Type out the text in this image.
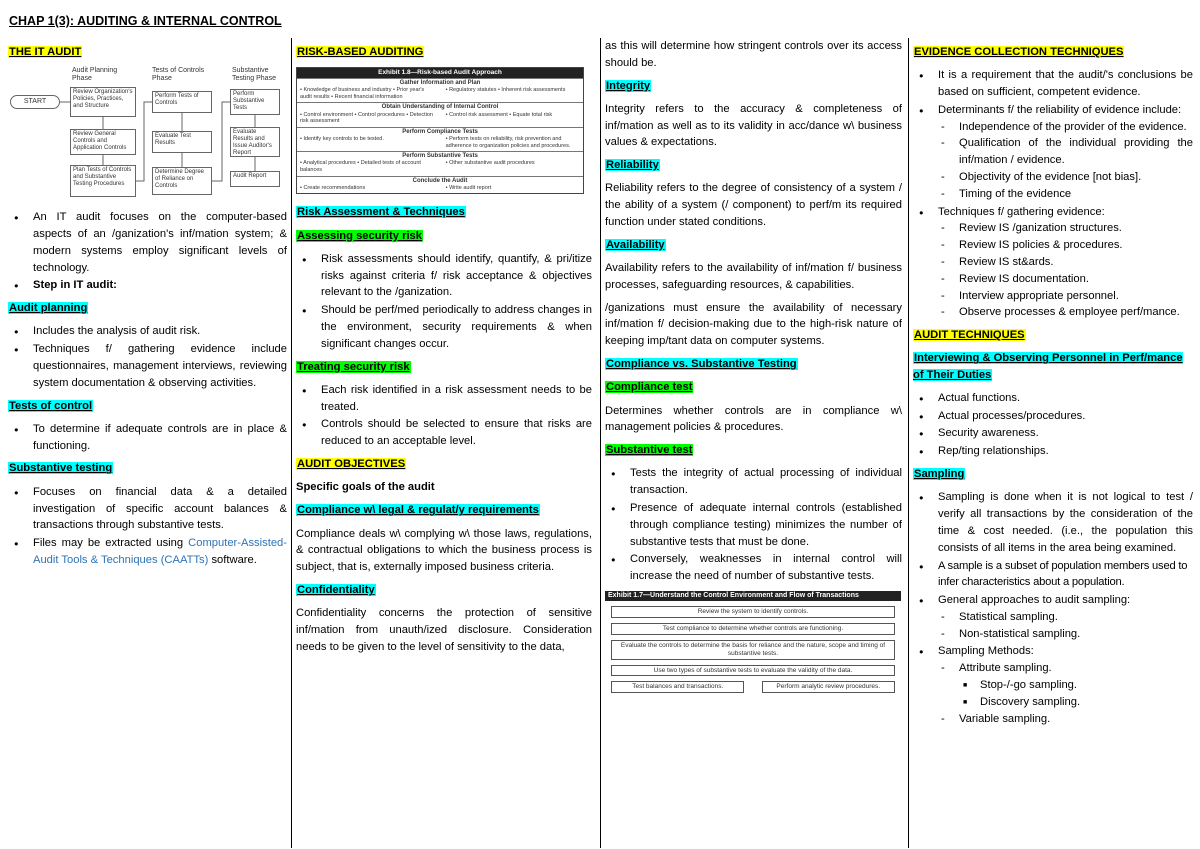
CHAP 1(3): AUDITING & INTERNAL CONTROL
THE IT AUDIT
Audit Planning Phase
Tests of Controls Phase
Substantive Testing Phase
START
Review Organization's Policies, Practices, and Structure
Review General Controls and Application Controls
Plan Tests of Controls and Substantive Testing Procedures
Perform Tests of Controls
Evaluate Test Results
Determine Degree of Reliance on Controls
Perform Substantive Tests
Evaluate Results and Issue Auditor's Report
Audit Report
● An IT audit focuses on the computer-based aspects of an /ganization's inf/mation system; & modern systems employ significant levels of technology.
● Step in IT audit:
Audit planning
● Includes the analysis of audit risk.
● Techniques f/ gathering evidence include questionnaires, management interviews, reviewing system documentation & observing activities.
Tests of control
● To determine if adequate controls are in place & functioning.
Substantive testing
● Focuses on financial data & a detailed investigation of specific account balances & transactions through substantive tests.
● Files may be extracted using Computer-Assisted-Audit Tools & Techniques (CAATTs) software.
RISK-BASED AUDITING
Exhibit 1.8—Risk-based Audit Approach
Gather Information and Plan
• Knowledge of business and industry • Prior year's audit results • Recent financial information
• Regulatory statutes • Inherent risk assessments
Obtain Understanding of Internal Control
• Control environment • Control procedures • Detection risk assessment
• Control risk assessment • Equate total risk
Perform Compliance Tests
• Identify key controls to be tested.	• Perform tests on reliability, risk prevention and adherence to organization policies and procedures.
Perform Substantive Tests
• Analytical procedures • Detailed tests of account balances
• Other substantive audit procedures
Conclude the Audit
• Create recommendations	• Write audit report
Risk Assessment & Techniques
Assessing security risk
● Risk assessments should identify, quantify, & pri/itize risks against criteria f/ risk acceptance & objectives relevant to the /ganization.
● Should be perf/med periodically to address changes in the environment, security requirements & when significant changes occur.
Treating security risk
● Each risk identified in a risk assessment needs to be treated.
● Controls should be selected to ensure that risks are reduced to an acceptable level.
AUDIT OBJECTIVES
Specific goals of the audit
Compliance w\ legal & regulat/y requirements

Compliance deals w\ complying w\ those laws, regulations, & contractual obligations to which the business process is subject, that is, externally imposed business criteria.

Confidentiality

Confidentiality concerns the protection of sensitive inf/mation from unauth/ized disclosure. Consideration needs to be given to the level of sensitivity to the data,

as this will determine how stringent controls over its access should be.

Integrity

Integrity refers to the accuracy & completeness of inf/mation as well as to its validity in acc/dance w\ business values & expectations.

Reliability

Reliability refers to the degree of consistency of a system / the ability of a system (/ component) to perf/m its required function under stated conditions.

Availability

Availability refers to the availability of inf/mation f/ business processes, safeguarding resources, & capabilities.

/ganizations must ensure the availability of necessary inf/mation f/ decision-making due to the high-risk nature of keeping imp/tant data on computer systems.

Compliance vs. Substantive Testing
Compliance test

Determines whether controls are in compliance w\ management policies & procedures.

Substantive test
● Tests the integrity of actual processing of individual transaction.
● Presence of adequate internal controls (established through compliance testing) minimizes the number of substantive tests that must be done.
● Conversely, weaknesses in internal control will increase the need of number of substantive tests.
Exhibit 1.7—Understand the Control Environment and Flow of Transactions
Review the system to identify controls.
Test compliance to determine whether controls are functioning.
Evaluate the controls to determine the basis for reliance and the nature, scope and timing of substantive tests.
Use two types of substantive tests to evaluate the validity of the data.
Test balances and transactions.	Perform analytic review procedures.
EVIDENCE COLLECTION TECHNIQUES
● It is a requirement that the audit/'s conclusions be based on sufficient, competent evidence.
● Determinants f/ the reliability of evidence include:
- Independence of the provider of the evidence.
- Qualification of the individual providing the inf/mation / evidence.
- Objectivity of the evidence [not bias].
- Timing of the evidence
● Techniques f/ gathering evidence:
- Review IS /ganization structures.
- Review IS policies & procedures.
- Review IS st&ards.
- Review IS documentation.
- Interview appropriate personnel.
- Observe processes & employee perf/mance.
AUDIT TECHNIQUES
Interviewing & Observing Personnel in Perf/mance of Their Duties
● Actual functions.
● Actual processes/procedures.
● Security awareness.
● Rep/ting relationships.
Sampling
● Sampling is done when it is not logical to test / verify all transactions by the consideration of the time & cost needed. (i.e., the population this consists of all items in the area being examined.
● A sample is a subset of population members used to infer characteristics about a population.
● General approaches to audit sampling:
- Statistical sampling.
- Non-statistical sampling.
● Sampling Methods:
- Attribute sampling.
■ Stop-/-go sampling.
■ Discovery sampling.
- Variable sampling.
